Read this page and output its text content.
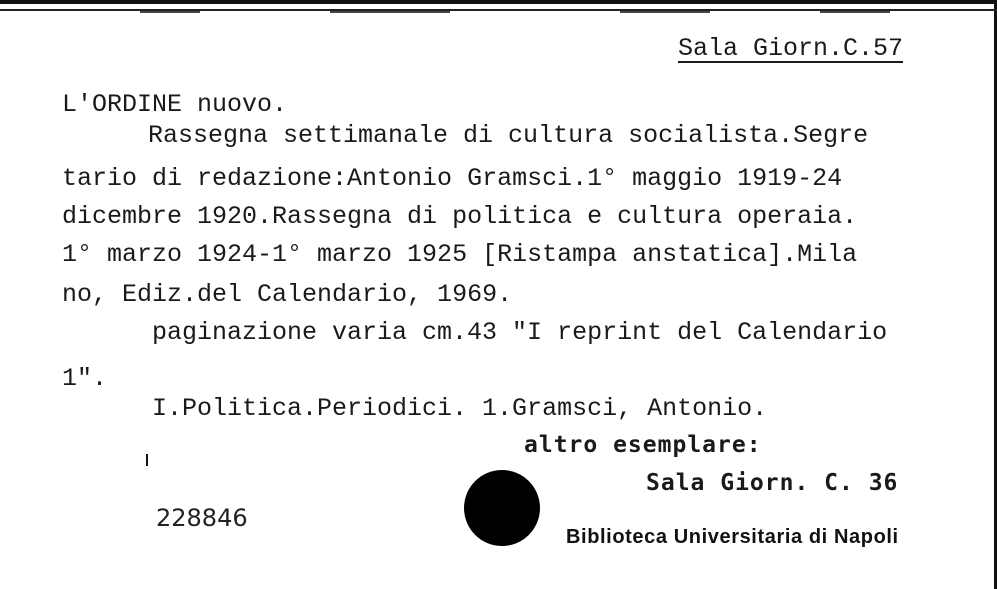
Sala Giorn.C.57
L'ORDINE nuovo.
Rassegna settimanale di cultura socialista.Segre
tario di redazione:Antonio Gramsci.1° maggio 1919-24
dicembre 1920.Rassegna di politica e cultura operaia.
1° marzo 1924-1° marzo 1925 [Ristampa anstatica].Mila
no, Ediz.del Calendario, 1969.
paginazione varia cm.43 "I reprint del Calendario
1".
I.Politica.Periodici. 1.Gramsci, Antonio.
altro esemplare:
Sala Giorn. C. 36
228846
Biblioteca Universitaria di Napoli
